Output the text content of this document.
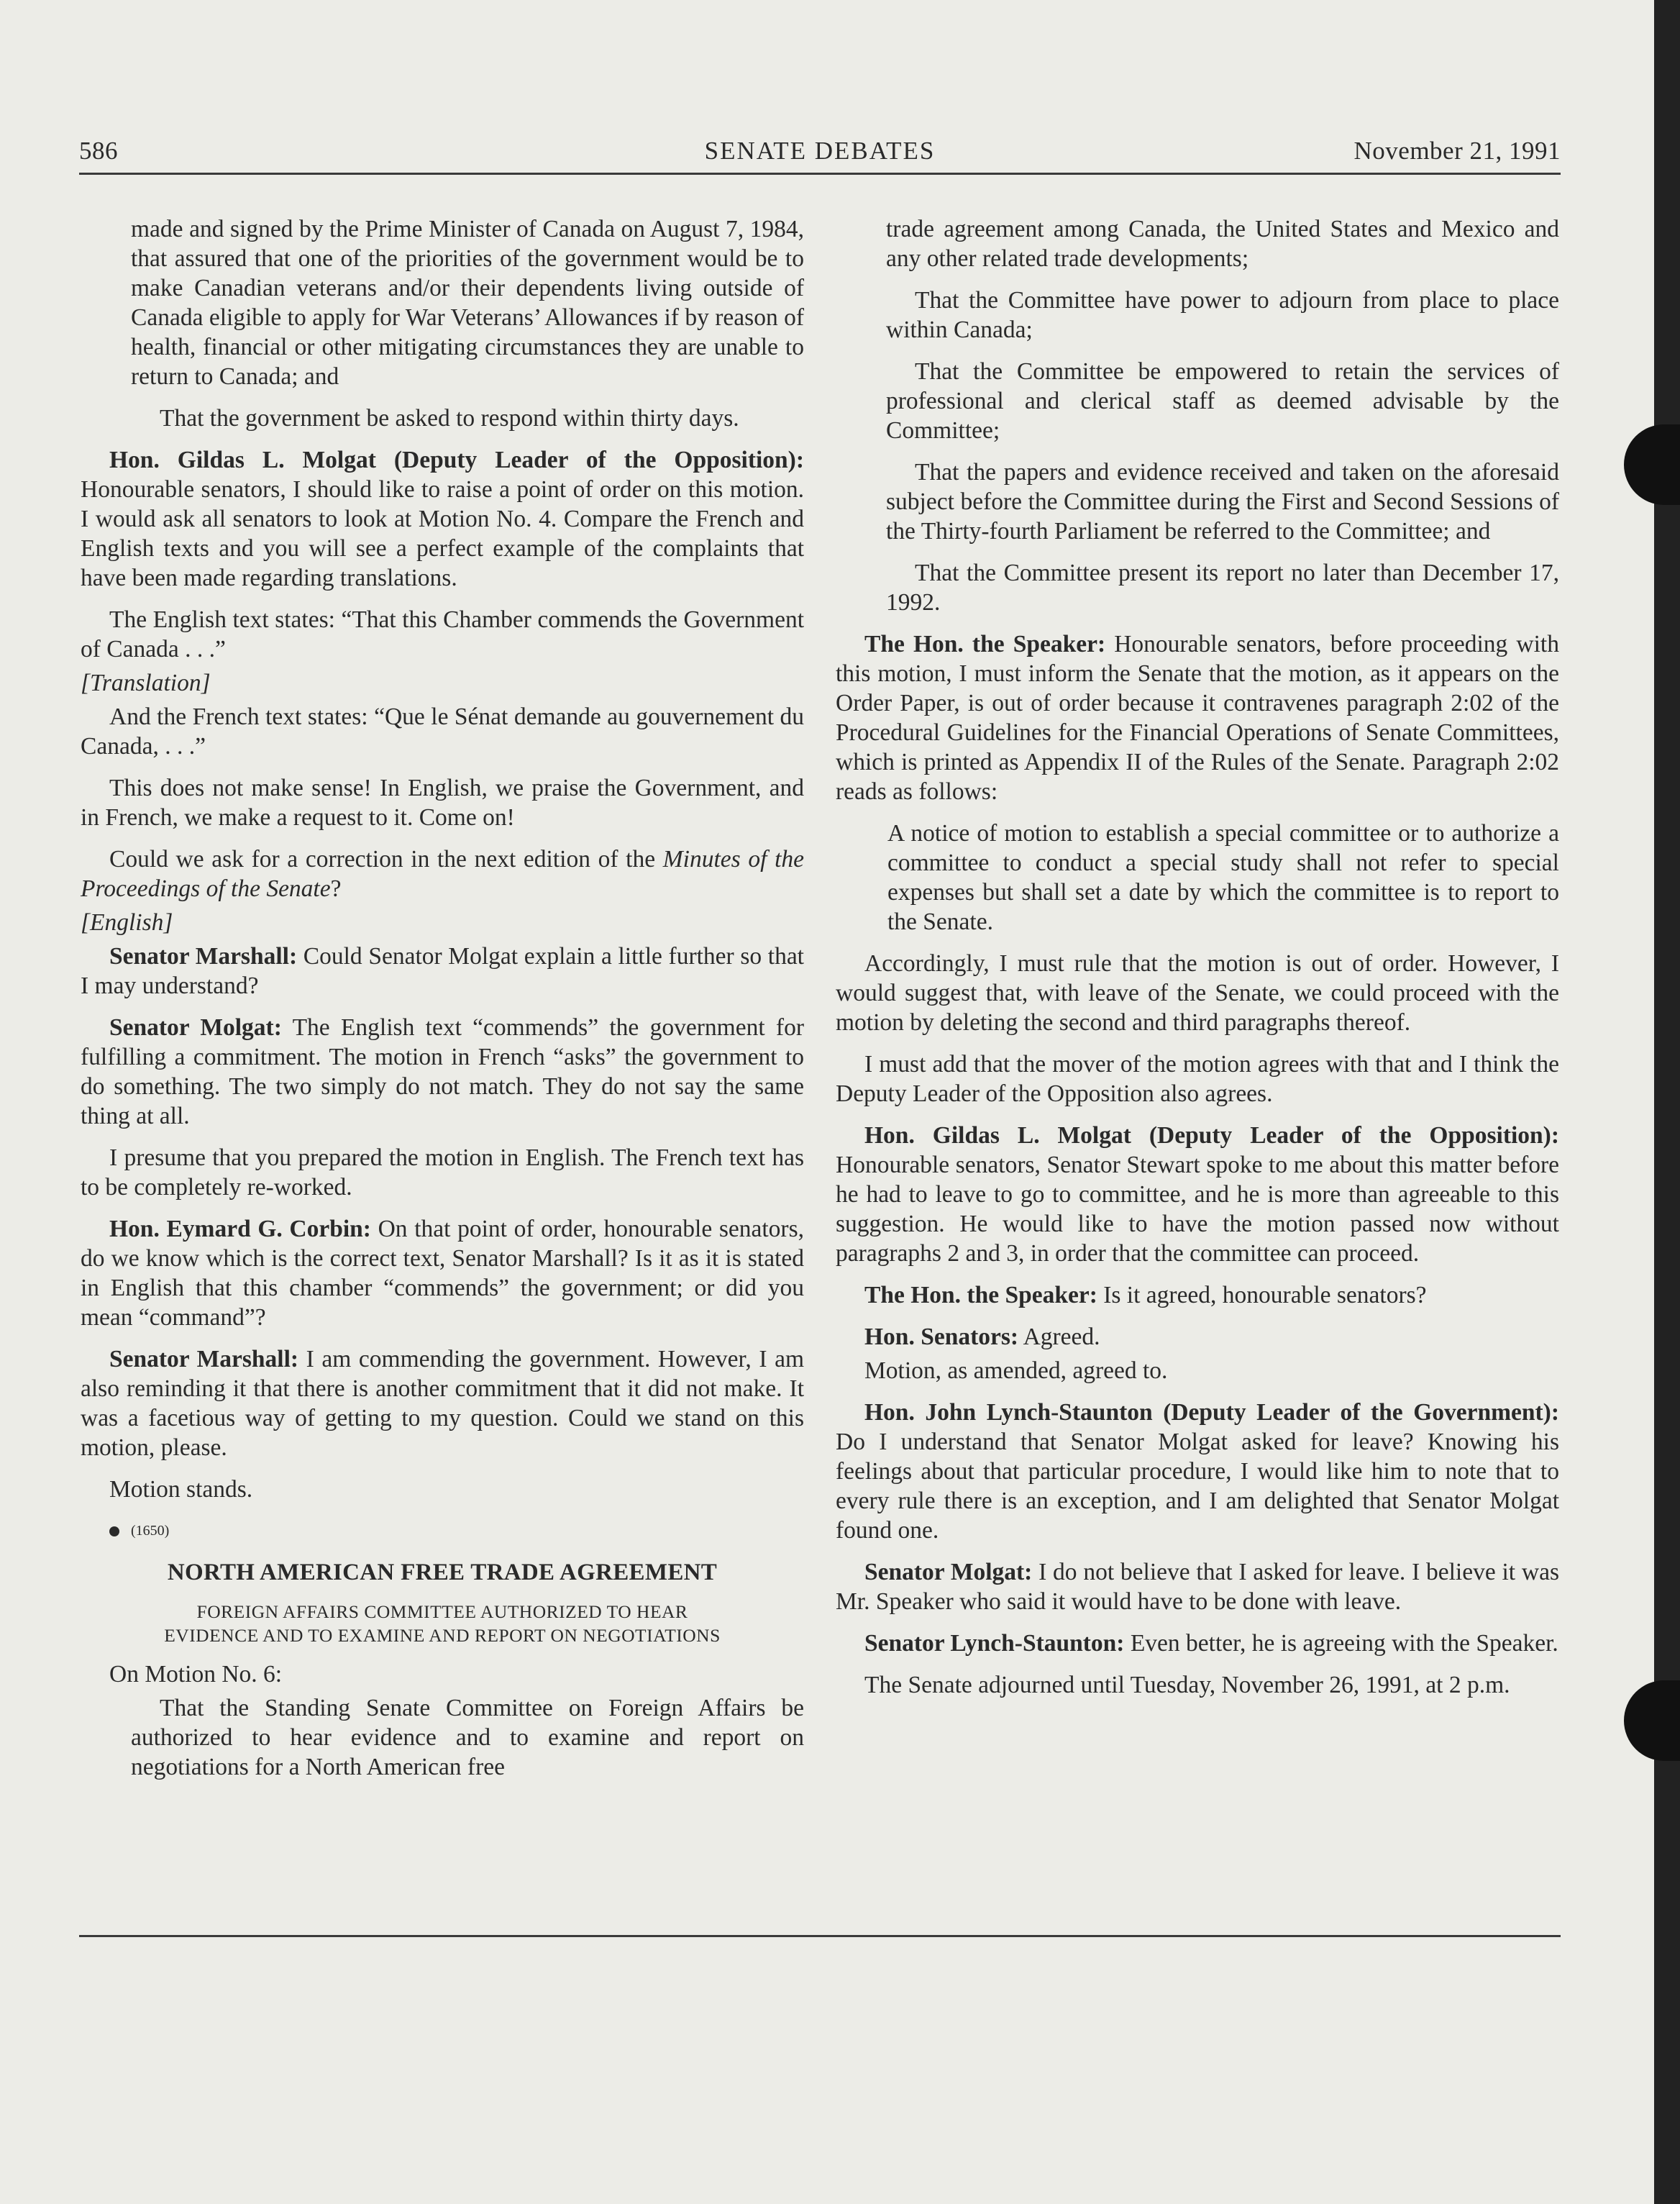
586	SENATE DEBATES	November 21, 1991

made and signed by the Prime Minister of Canada on August 7, 1984, that assured that one of the priorities of the government would be to make Canadian veterans and/or their dependents living outside of Canada eligible to apply for War Veterans’ Allowances if by reason of health, financial or other mitigating circumstances they are unable to return to Canada; and

That the government be asked to respond within thirty days.

Hon. Gildas L. Molgat (Deputy Leader of the Opposition): Honourable senators, I should like to raise a point of order on this motion. I would ask all senators to look at Motion No. 4. Compare the French and English texts and you will see a perfect example of the complaints that have been made regarding translations.

The English text states: “That this Chamber commends the Government of Canada . . .”

[Translation]

And the French text states: “Que le Sénat demande au gouvernement du Canada, . . .”

This does not make sense! In English, we praise the Government, and in French, we make a request to it. Come on!

Could we ask for a correction in the next edition of the Minutes of the Proceedings of the Senate?

[English]

Senator Marshall: Could Senator Molgat explain a little further so that I may understand?

Senator Molgat: The English text “commends” the government for fulfilling a commitment. The motion in French “asks” the government to do something. The two simply do not match. They do not say the same thing at all.

I presume that you prepared the motion in English. The French text has to be completely re-worked.

Hon. Eymard G. Corbin: On that point of order, honourable senators, do we know which is the correct text, Senator Marshall? Is it as it is stated in English that this chamber “commends” the government; or did you mean “command”?

Senator Marshall: I am commending the government. However, I am also reminding it that there is another commitment that it did not make. It was a facetious way of getting to my question. Could we stand on this motion, please.

Motion stands.

(1650)

NORTH AMERICAN FREE TRADE AGREEMENT

FOREIGN AFFAIRS COMMITTEE AUTHORIZED TO HEAR
EVIDENCE AND TO EXAMINE AND REPORT ON NEGOTIATIONS

On Motion No. 6:

That the Standing Senate Committee on Foreign Affairs be authorized to hear evidence and to examine and report on negotiations for a North American free

trade agreement among Canada, the United States and Mexico and any other related trade developments;

That the Committee have power to adjourn from place to place within Canada;

That the Committee be empowered to retain the services of professional and clerical staff as deemed advisable by the Committee;

That the papers and evidence received and taken on the aforesaid subject before the Committee during the First and Second Sessions of the Thirty-fourth Parliament be referred to the Committee; and

That the Committee present its report no later than December 17, 1992.

The Hon. the Speaker: Honourable senators, before proceeding with this motion, I must inform the Senate that the motion, as it appears on the Order Paper, is out of order because it contravenes paragraph 2:02 of the Procedural Guidelines for the Financial Operations of Senate Committees, which is printed as Appendix II of the Rules of the Senate. Paragraph 2:02 reads as follows:

A notice of motion to establish a special committee or to authorize a committee to conduct a special study shall not refer to special expenses but shall set a date by which the committee is to report to the Senate.

Accordingly, I must rule that the motion is out of order. However, I would suggest that, with leave of the Senate, we could proceed with the motion by deleting the second and third paragraphs thereof.

I must add that the mover of the motion agrees with that and I think the Deputy Leader of the Opposition also agrees.

Hon. Gildas L. Molgat (Deputy Leader of the Opposition): Honourable senators, Senator Stewart spoke to me about this matter before he had to leave to go to committee, and he is more than agreeable to this suggestion. He would like to have the motion passed now without paragraphs 2 and 3, in order that the committee can proceed.

The Hon. the Speaker: Is it agreed, honourable senators?

Hon. Senators: Agreed.

Motion, as amended, agreed to.

Hon. John Lynch-Staunton (Deputy Leader of the Government): Do I understand that Senator Molgat asked for leave? Knowing his feelings about that particular procedure, I would like him to note that to every rule there is an exception, and I am delighted that Senator Molgat found one.

Senator Molgat: I do not believe that I asked for leave. I believe it was Mr. Speaker who said it would have to be done with leave.

Senator Lynch-Staunton: Even better, he is agreeing with the Speaker.

The Senate adjourned until Tuesday, November 26, 1991, at 2 p.m.
